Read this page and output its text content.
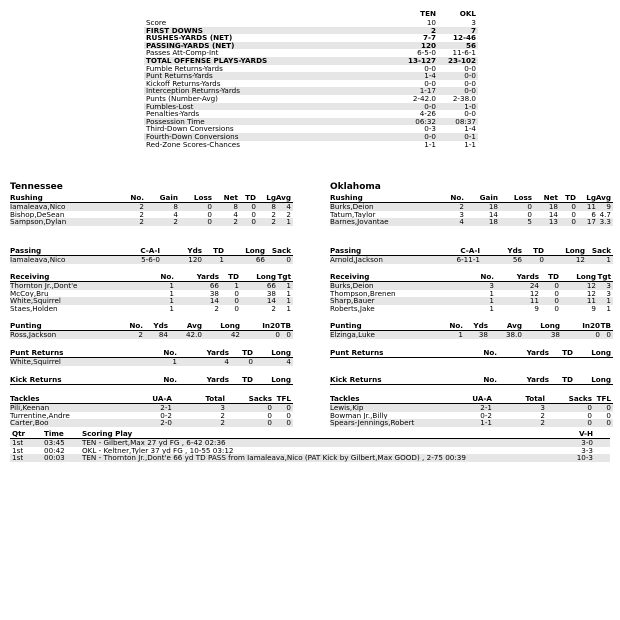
TEN	OKL
Score	10	3
FIRST DOWNS	2	7
RUSHES-YARDS (NET)	7-7	12-46
PASSING-YARDS (NET)	120	56
Passes Att-Comp-Int	6-5-0	11-6-1
TOTAL OFFENSE PLAYS-YARDS	13-127	23-102
Fumble Returns-Yards	0-0	0-0
Punt Returns-Yards	1-4	0-0
Kickoff Returns-Yards	0-0	0-0
Interception Returns-Yards	1-17	0-0
Punts (Number-Avg)	2-42.0	2-38.0
Fumbles-Lost	0-0	1-0
Penalties-Yards	4-26	0-0
Possession Time	06:32	08:37
Third-Down Conversions	0-3	1-4
Fourth-Down Conversions	0-0	0-1
Red-Zone Scores-Chances	1-1	1-1
Tennessee
Rushing	No. Gain Loss Net TD Lg Avg
Iamaleava,Nico	2	8	0	8 0 8 4
Bishop,DeSean	2	4	0	4 0 2 2
Sampson,Dylan	2	2	0	2 0 2 1
Passing	C-A-I	Yds TD	Long Sack
Iamaleava,Nico	5-6-0	120 1	66	0
Receiving	No.	Yards TD Long Tgt
Thornton Jr.,Dont'e	1	66 1	66 1
McCoy,Bru	1	38 0	38 1
White,Squirrel	1	14 0	14 1
Staes,Holden	1	2 0	2 1
Punting	No. Yds	Avg	Long	In20 TB
Ross,Jackson	2 84 42.0	42	0 0
Punt Returns	No.	Yards TD	Long
White,Squirrel	1	4	0	4
Kick Returns	No.	Yards TD	Long
Tackles	UA-A	Total	Sacks TFL
Pili,Keenan	2-1	3	0 0
Turrentine,Andre	0-2	2	0 0
Carter,Boo	2-0	2	0 0
Oklahoma
Rushing	No. Gain Loss Net TD Lg Avg
Burks,Deion	2	18	0 18 0 11 9
Tatum,Taylor	3	14	0 14 0 6 4.7
Barnes,Jovantae	4	18	5 13 0 17 3.3
Passing	C-A-I	Yds TD	Long Sack
Arnold,Jackson	6-11-1	56 0	12	1
Receiving	No.	Yards TD Long Tgt
Burks,Deion	3	24 0	12 3
Thompson,Brenen	1	12 0	12 3
Sharp,Bauer	1	11 0	11 1
Roberts,Jake	1	9 0	9 1
Punting	No. Yds	Avg	Long	In20 TB
Elzinga,Luke	1 38 38.0	38	0 0
Punt Returns	No.	Yards TD	Long
Kick Returns	No.	Yards TD	Long
Tackles	UA-A	Total	Sacks TFL
Lewis,Kip	2-1	3	0 0
Bowman Jr.,Billy	0-2	2	0 0
Spears-Jennings,Robert	1-1	2	0 0
Qtr	Time	Scoring Play	V-H
1st	03:45 TEN - Gilbert,Max 27 yd FG , 6-42 02:36	3-0
1st	00:42 OKL - Keltner,Tyler 37 yd FG , 10-55 03:12	3-3
1st	00:03 TEN - Thornton Jr.,Dont'e 66 yd TD PASS from Iamaleava,Nico (PAT Kick by Gilbert,Max GOOD) , 2-75 00:39	10-3
